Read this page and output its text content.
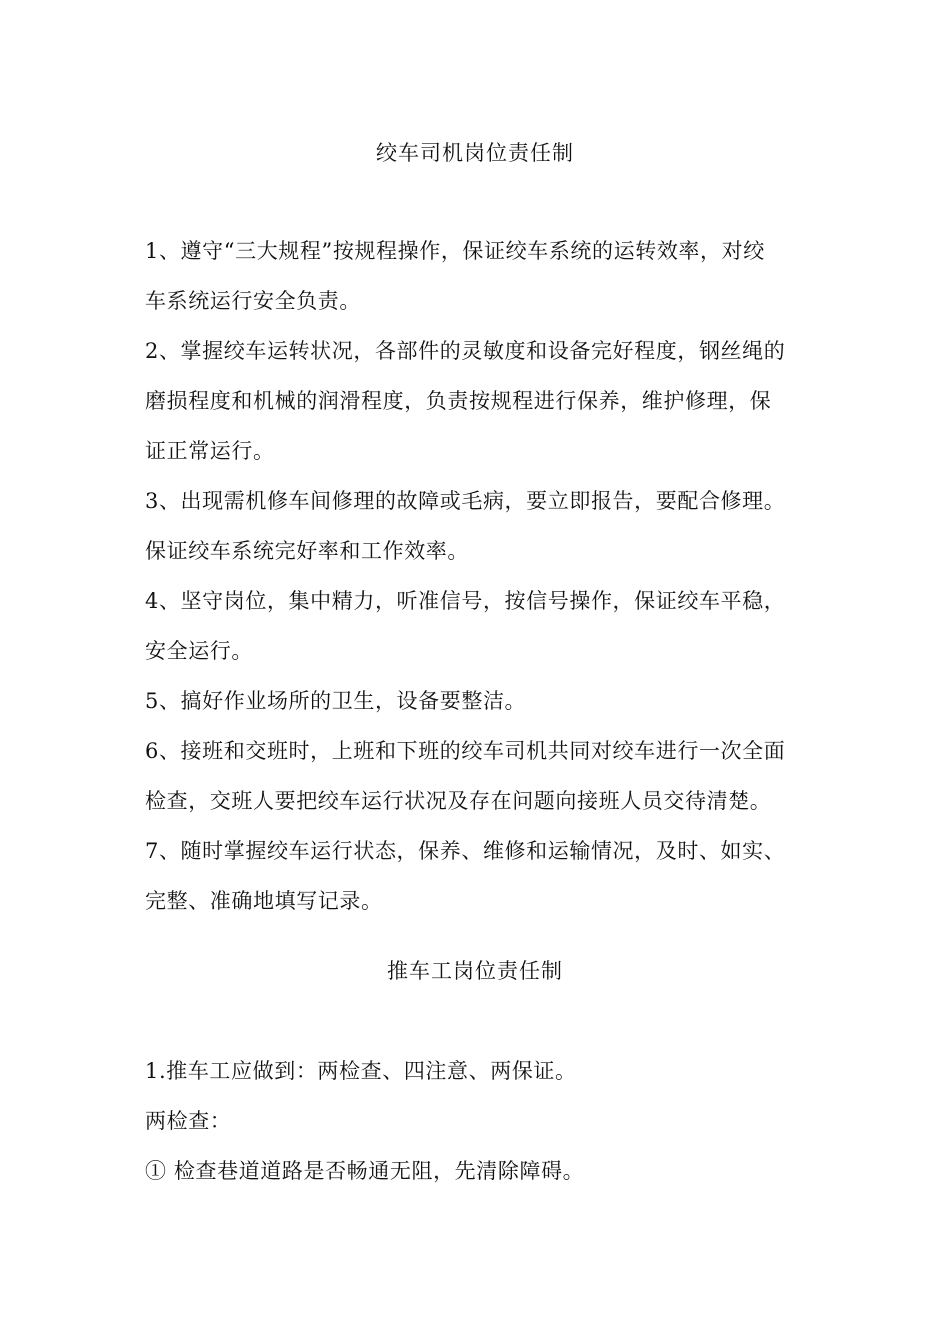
绞车司机岗位责任制
1、遵守“三大规程”按规程操作，保证绞车系统的运转效率，对绞
车系统运行安全负责。
2、掌握绞车运转状况，各部件的灵敏度和设备完好程度，钢丝绳的
磨损程度和机械的润滑程度，负责按规程进行保养，维护修理，保
证正常运行。
3、出现需机修车间修理的故障或毛病，要立即报告，要配合修理。
保证绞车系统完好率和工作效率。
4、坚守岗位，集中精力，听准信号，按信号操作，保证绞车平稳，
安全运行。
5、搞好作业场所的卫生，设备要整洁。
6、接班和交班时，上班和下班的绞车司机共同对绞车进行一次全面
检查，交班人要把绞车运行状况及存在问题向接班人员交待清楚。
7、随时掌握绞车运行状态，保养、维修和运输情况，及时、如实、
完整、准确地填写记录。
推车工岗位责任制
1.推车工应做到：两检查、四注意、两保证。
两检查：
① 检查巷道道路是否畅通无阻，先清除障碍。
